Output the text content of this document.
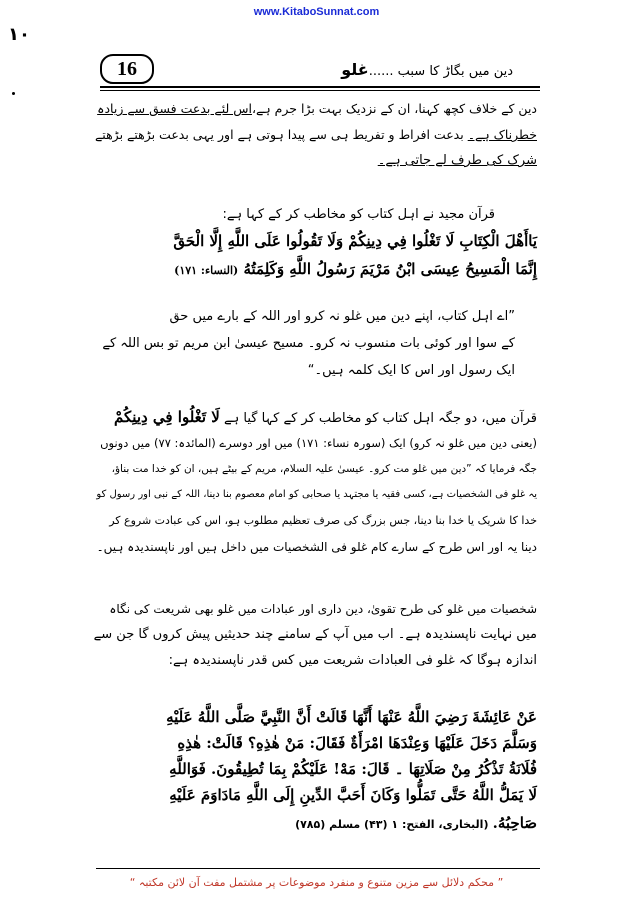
www.KitaboSunnat.com
١٠
16	دین میں بگاڑ کا سبب ......غلو
دین کے خلاف کچھ کہنا، ان کے نزدیک بہت بڑا جرم ہے،اس لئے بدعت فسق سے زیادہ
خطرناک ہے۔ بدعت افراط و تفریط ہی سے پیدا ہوتی ہے اور یہی بدعت بڑھتے بڑھتے
شرک کی طرف لے جاتی ہے۔
قرآن مجید نے اہل کتاب کو مخاطب کر کے کہا ہے:
يَاأَهْلَ الْكِتَابِ لَا تَغْلُوا فِي دِينِكُمْ وَلَا تَقُولُوا عَلَى اللَّهِ إِلَّا الْحَقَّ
إِنَّمَا الْمَسِيحُ عِيسَى ابْنُ مَرْيَمَ رَسُولُ اللَّهِ وَكَلِمَتُهُ (النساء: ۱۷۱)
”اے اہل کتاب، اپنے دین میں غلو نہ کرو اور اللہ کے بارے میں حق
کے سوا اور کوئی بات منسوب نہ کرو۔ مسیح عیسیٰ ابن مریم تو بس اللہ کے
ایک رسول اور اس کا ایک کلمہ ہیں۔“
قرآن میں، دو جگہ اہل کتاب کو مخاطب کر کے کہا گیا ہے لَا تَغْلُوا فِي دِينِكُمْ
(یعنی دین میں غلو نہ کرو) ایک (سورہ نساء: ۱۷۱) میں اور دوسرے (المائدہ: ۷۷) میں دونوں
جگہ فرمایا کہ ”دین میں غلو مت کرو۔ عیسیٰ علیہ السلام، مریم کے بیٹے ہیں، ان کو خدا مت بناؤ،
یہ غلو فی الشخصیات ہے، کسی فقیہ یا مجتہد یا صحابی کو امام معصوم بنا دینا، اللہ کے نبی اور رسول کو
خدا کا شریک یا خدا بنا دینا، جس بزرگ کی صرف تعظیم مطلوب ہو، اس کی عبادت شروع کر
دینا یہ اور اس طرح کے سارے کام غلو فی الشخصیات میں داخل ہیں اور ناپسندیدہ ہیں۔
شخصیات میں غلو کی طرح تقویٰ، دین داری اور عبادات میں غلو بھی شریعت کی نگاہ
میں نہایت ناپسندیدہ ہے۔ اب میں آپ کے سامنے چند حدیثیں پیش کروں گا جن سے
اندازہ ہوگا کہ غلو فی العبادات شریعت میں کس قدر ناپسندیدہ ہے:
عَنْ عَائِشَةَ رَضِيَ اللَّهُ عَنْهَا أَنَّهَا قَالَتْ أَنَّ النَّبِيَّ صَلَّى اللَّهُ عَلَيْهِ
وَسَلَّمَ دَخَلَ عَلَيْهَا وَعِنْدَهَا امْرَأَةٌ فَقَالَ: مَنْ هٰذِهِ؟ قَالَتْ: هٰذِهِ
فُلَانَةُ تَذْكُرُ مِنْ صَلَاتِهَا ۔ قَالَ: مَهْ! عَلَيْكُمْ بِمَا تُطِيقُونَ. فَوَاللَّهِ
لَا يَمَلُّ اللَّهُ حَتَّى تَمَلُّوا وَكَانَ أَحَبَّ الدِّينِ إِلَى اللَّهِ مَادَاوَمَ عَلَيْهِ
صَاحِبُهُ. (البخاری، الفتح: ۱ (۴۳) مسلم (۷۸۵)
” محکم دلائل سے مزین متنوع و منفرد موضوعات پر مشتمل مفت آن لائن مکتبہ “
